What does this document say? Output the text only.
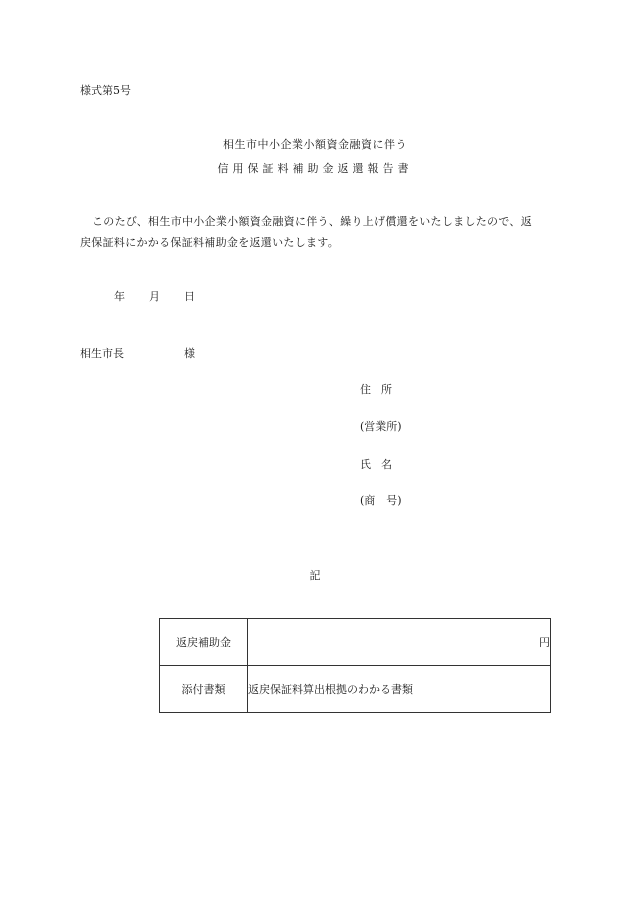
様式第5号
相生市中小企業小額資金融資に伴う
信用保証料補助金返還報告書
このたび、相生市中小企業小額資金融資に伴う、繰り上げ償還をいたしましたので、返
戻保証料にかかる保証料補助金を返還いたします。
年 月 日
相生市長	様
住所
(営業所)
氏名
(商　号)
記
返戻補助金	円
添付書類	返戻保証料算出根拠のわかる書類
